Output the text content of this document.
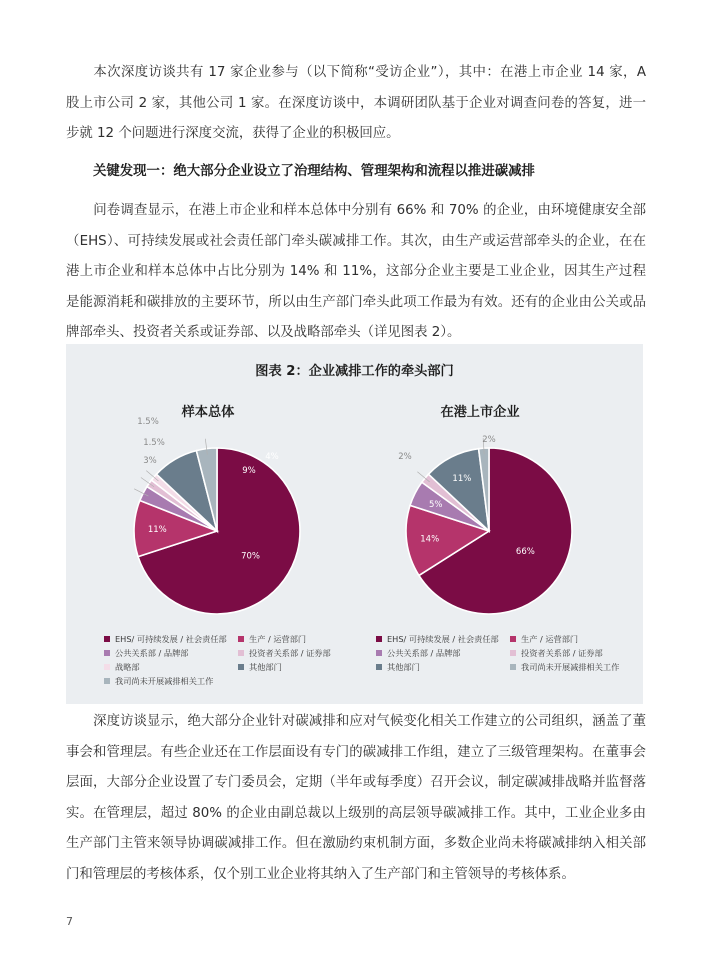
本次深度访谈共有 17 家企业参与（以下简称“受访企业”），其中：在港上市企业 14 家，A 股上市公司 2 家，其他公司 1 家。在深度访谈中，本调研团队基于企业对调查问卷的答复，进一步就 12 个问题进行深度交流，获得了企业的积极回应。

关键发现一：绝大部分企业设立了治理结构、管理架构和流程以推进碳减排

问卷调查显示，在港上市企业和样本总体中分别有 66% 和 70% 的企业，由环境健康安全部（EHS）、可持续发展或社会责任部门牵头碳减排工作。其次，由生产或运营部牵头的企业，在在港上市企业和样本总体中占比分别为 14% 和 11%，这部分企业主要是工业企业，因其生产过程是能源消耗和碳排放的主要环节，所以由生产部门牵头此项工作最为有效。还有的企业由公关或品牌部牵头、投资者关系或证券部、以及战略部牵头（详见图表 2）。

图表 2：企业减排工作的牵头部门
样本总体	在港上市企业
70%
11%
3%
1.5%
1.5%
9%
4%
66%
14%
5%
2%
11%
2%
EHS/ 可持续发展 / 社会责任部	生产 / 运营部门
公共关系部 / 品牌部	投资者关系部 / 证券部
战略部	其他部门
我司尚未开展减排相关工作
EHS/ 可持续发展 / 社会责任部	生产 / 运营部门
公共关系部 / 品牌部	投资者关系部 / 证券部
其他部门	我司尚未开展减排相关工作

深度访谈显示，绝大部分企业针对碳减排和应对气候变化相关工作建立的公司组织，涵盖了董事会和管理层。有些企业还在工作层面设有专门的碳减排工作组，建立了三级管理架构。在董事会层面，大部分企业设置了专门委员会，定期（半年或每季度）召开会议，制定碳减排战略并监督落实。在管理层，超过 80% 的企业由副总裁以上级别的高层领导碳减排工作。其中，工业企业多由生产部门主管来领导协调碳减排工作。但在激励约束机制方面，多数企业尚未将碳减排纳入相关部门和管理层的考核体系，仅个别工业企业将其纳入了生产部门和主管领导的考核体系。

7
